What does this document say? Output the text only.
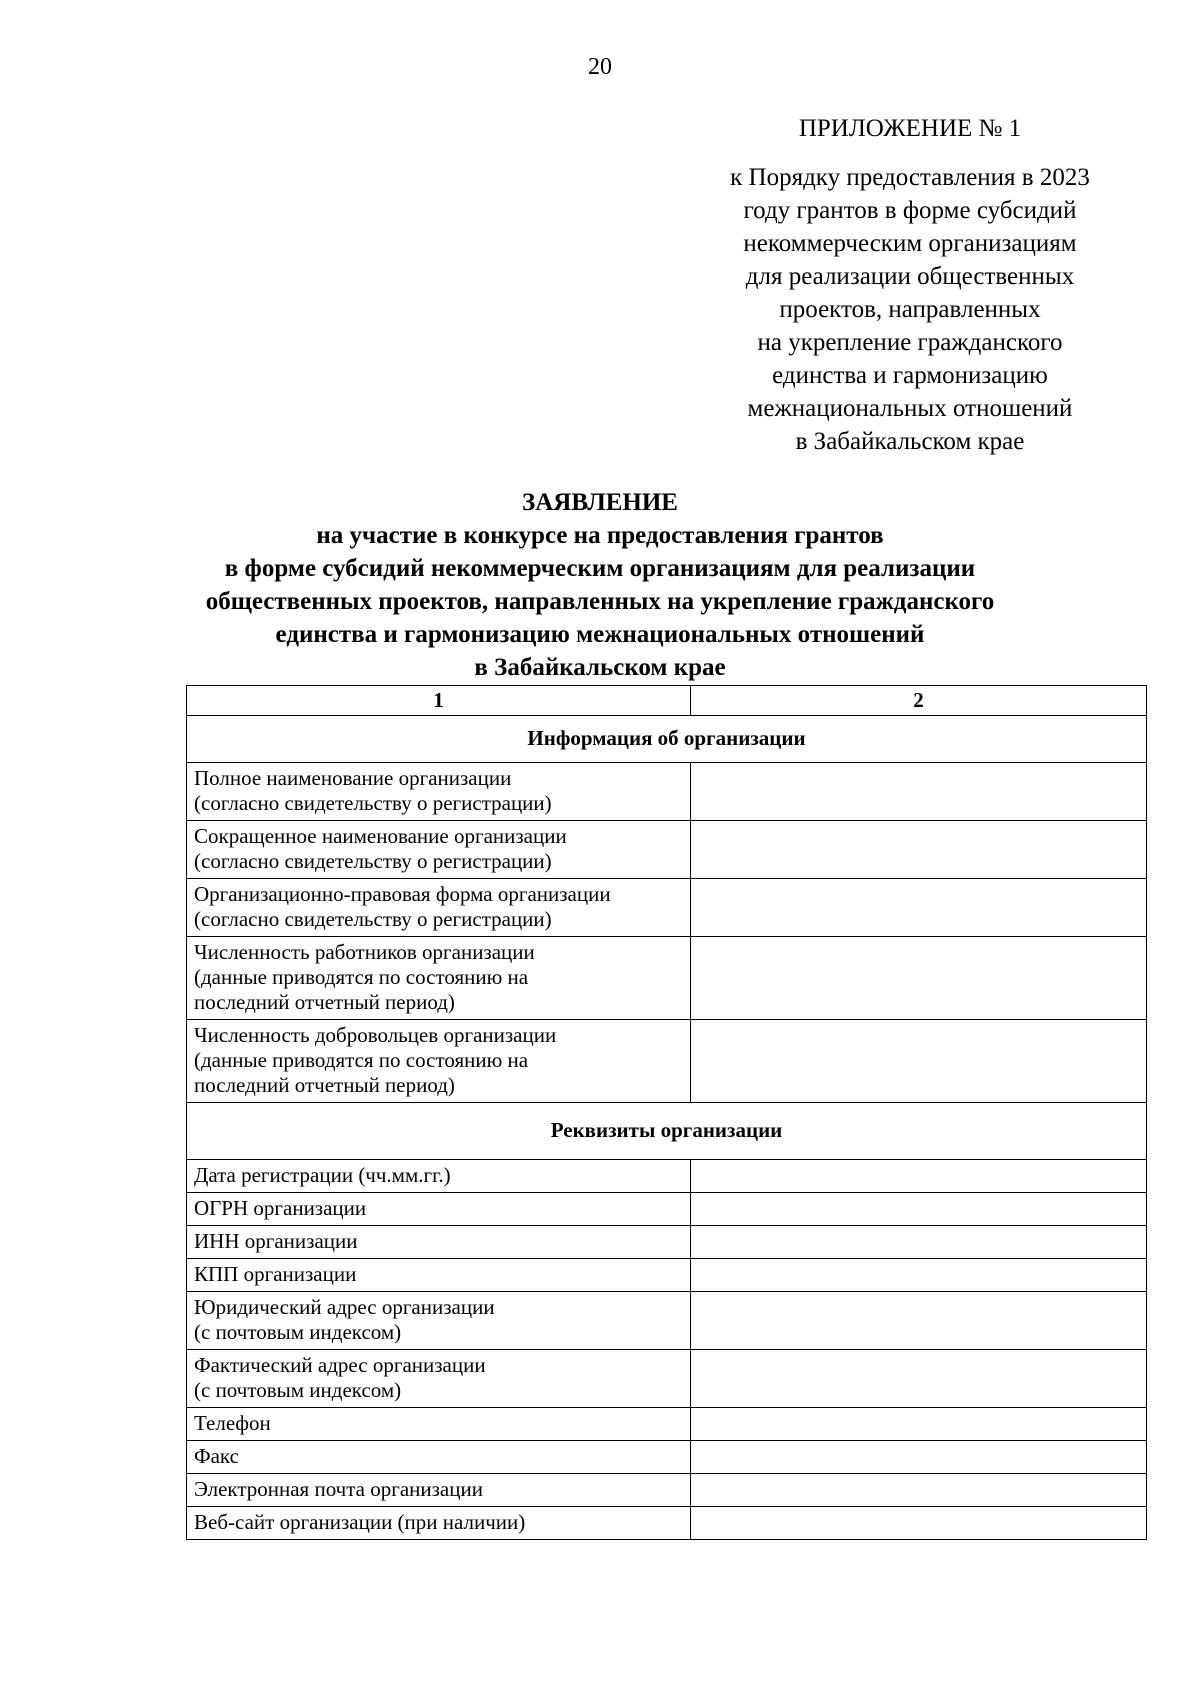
20
ПРИЛОЖЕНИЕ № 1
к Порядку предоставления в 2023
году грантов в форме субсидий
некоммерческим организациям
для реализации общественных
проектов, направленных
на укрепление гражданского
единства и гармонизацию
межнациональных отношений
в Забайкальском крае
ЗАЯВЛЕНИЕ
на участие в конкурсе на предоставления грантов
в форме субсидий некоммерческим организациям для реализации
общественных проектов, направленных на укрепление гражданского
единства и гармонизацию межнациональных отношений
в Забайкальском крае
1	2
Информация об организации	

Полное наименование организации
(согласно свидетельству о регистрации)	

Сокращенное наименование организации
(согласно свидетельству о регистрации)	

Организационно-правовая форма организации
(согласно свидетельству о регистрации)	

Численность работников организации
(данные приводятся по состоянию на
последний отчетный период)	

Численность добровольцев организации
(данные приводятся по состоянию на
последний отчетный период)	

Реквизиты организации	

Дата регистрации (чч.мм.гг.)	

ОГРН организации	

ИНН организации	

КПП организации	

Юридический адрес организации
(с почтовым индексом)	

Фактический адрес организации
(с почтовым индексом)	

Телефон	

Факс	

Электронная почта организации	

Веб-сайт организации (при наличии)	
